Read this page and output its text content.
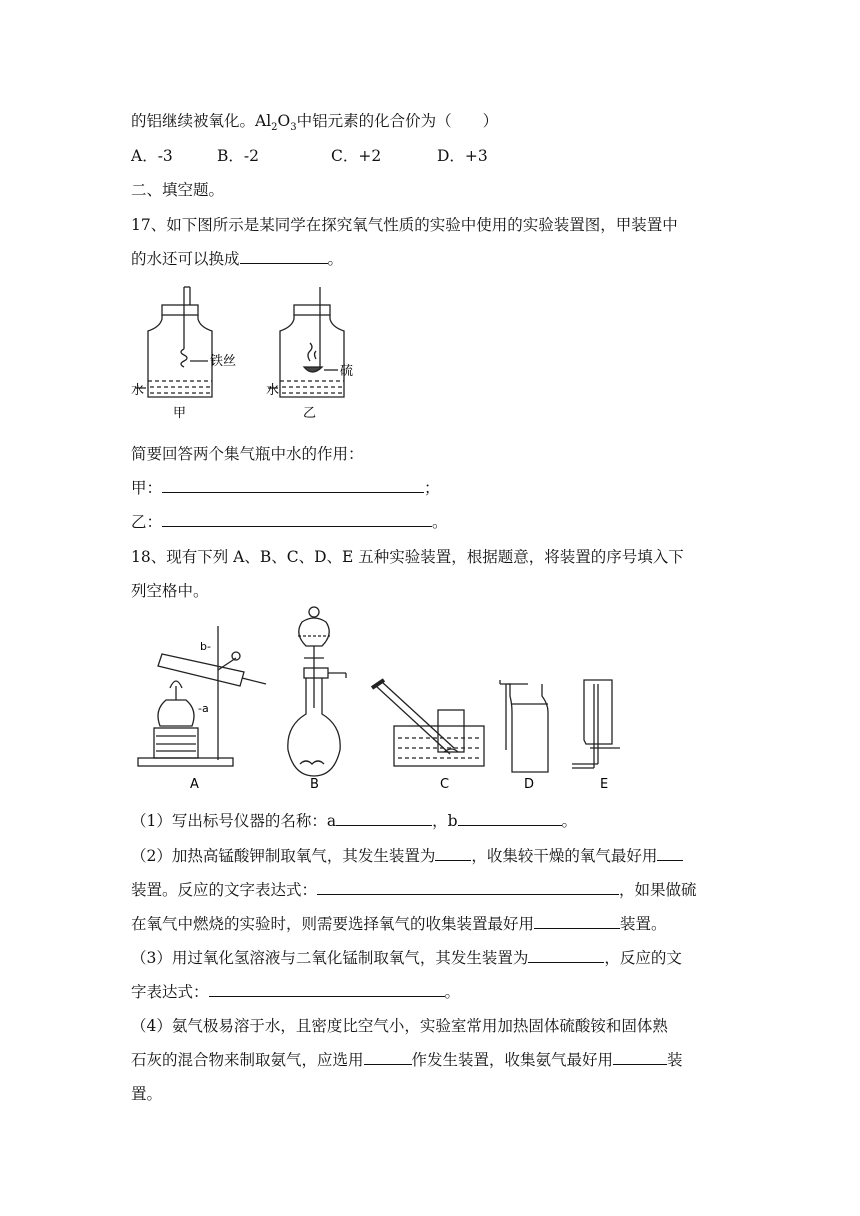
的铝继续被氧化。$Al_2O_3$中铝元素的化合价为（　　）
A．-3	B．-2	C．+2	D．+3
二、填空题。
17、如下图所示是某同学在探究氧气性质的实验中使用的实验装置图，甲装置中
的水还可以换成	。
铁丝
水
甲
硫
水
乙
简要回答两个集气瓶中水的作用：
甲：	；
乙：	。
18、现有下列 A、B、C、D、E 五种实验装置，根据题意，将装置的序号填入下
列空格中。
-a
b-
A	B	C	D	E
（1）写出标号仪器的名称：a	，b	。
（2）加热高锰酸钾制取氧气，其发生装置为 ，收集较干燥的氧气最好用
装置。反应的文字表达式：	，如果做硫
在氧气中燃烧的实验时，则需要选择氧气的收集装置最好用	装置。
（3）用过氧化氢溶液与二氧化锰制取氧气，其发生装置为	，反应的文
字表达式：	。
（4）氨气极易溶于水，且密度比空气小，实验室常用加热固体硫酸铵和固体熟
石灰的混合物来制取氨气，应选用	作发生装置，收集氨气最好用	装
置。
